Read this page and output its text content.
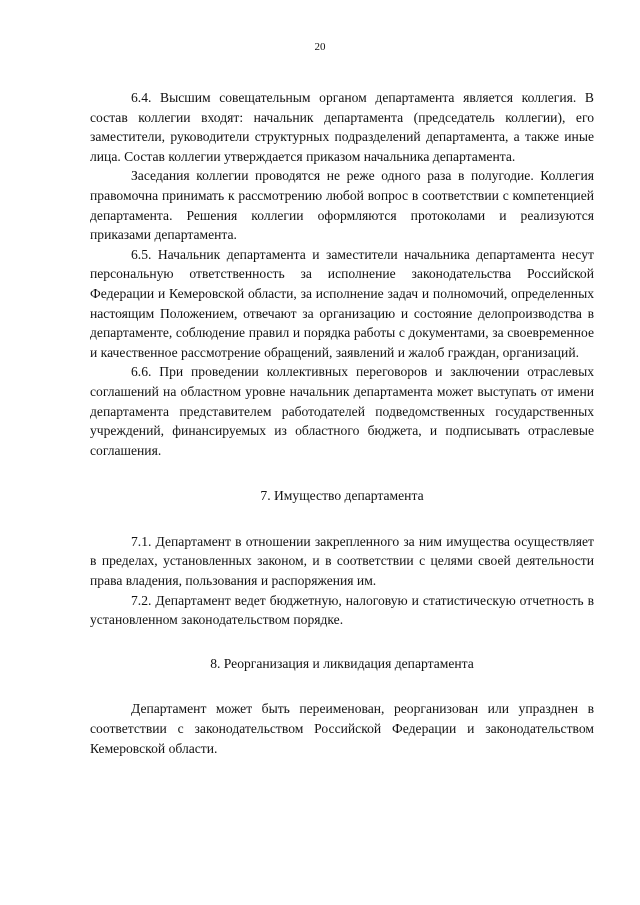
20

6.4. Высшим совещательным органом департамента является коллегия. В состав коллегии входят: начальник департамента (председатель коллегии), его заместители, руководители структурных подразделений департамента, а также иные лица. Состав коллегии утверждается приказом начальника департамента.

Заседания коллегии проводятся не реже одного раза в полугодие. Коллегия правомочна принимать к рассмотрению любой вопрос в соответствии с компетенцией департамента. Решения коллегии оформляются протоколами и реализуются приказами департамента.

6.5. Начальник департамента и заместители начальника департамента несут персональную ответственность за исполнение законодательства Российской Федерации и Кемеровской области, за исполнение задач и полномочий, определенных настоящим Положением, отвечают за организацию и состояние делопроизводства в департаменте, соблюдение правил и порядка работы с документами, за своевременное и качественное рассмотрение обращений, заявлений и жалоб граждан, организаций.

6.6. При проведении коллективных переговоров и заключении отраслевых соглашений на областном уровне начальник департамента может выступать от имени департамента представителем работодателей подведомственных государственных учреждений, финансируемых из областного бюджета, и подписывать отраслевые соглашения.

7. Имущество департамента

7.1. Департамент в отношении закрепленного за ним имущества осуществляет в пределах, установленных законом, и в соответствии с целями своей деятельности права владения, пользования и распоряжения им.

7.2. Департамент ведет бюджетную, налоговую и статистическую отчетность в установленном законодательством порядке.

8. Реорганизация и ликвидация департамента

Департамент может быть переименован, реорганизован или упразднен в соответствии с законодательством Российской Федерации и законодательством Кемеровской области.
